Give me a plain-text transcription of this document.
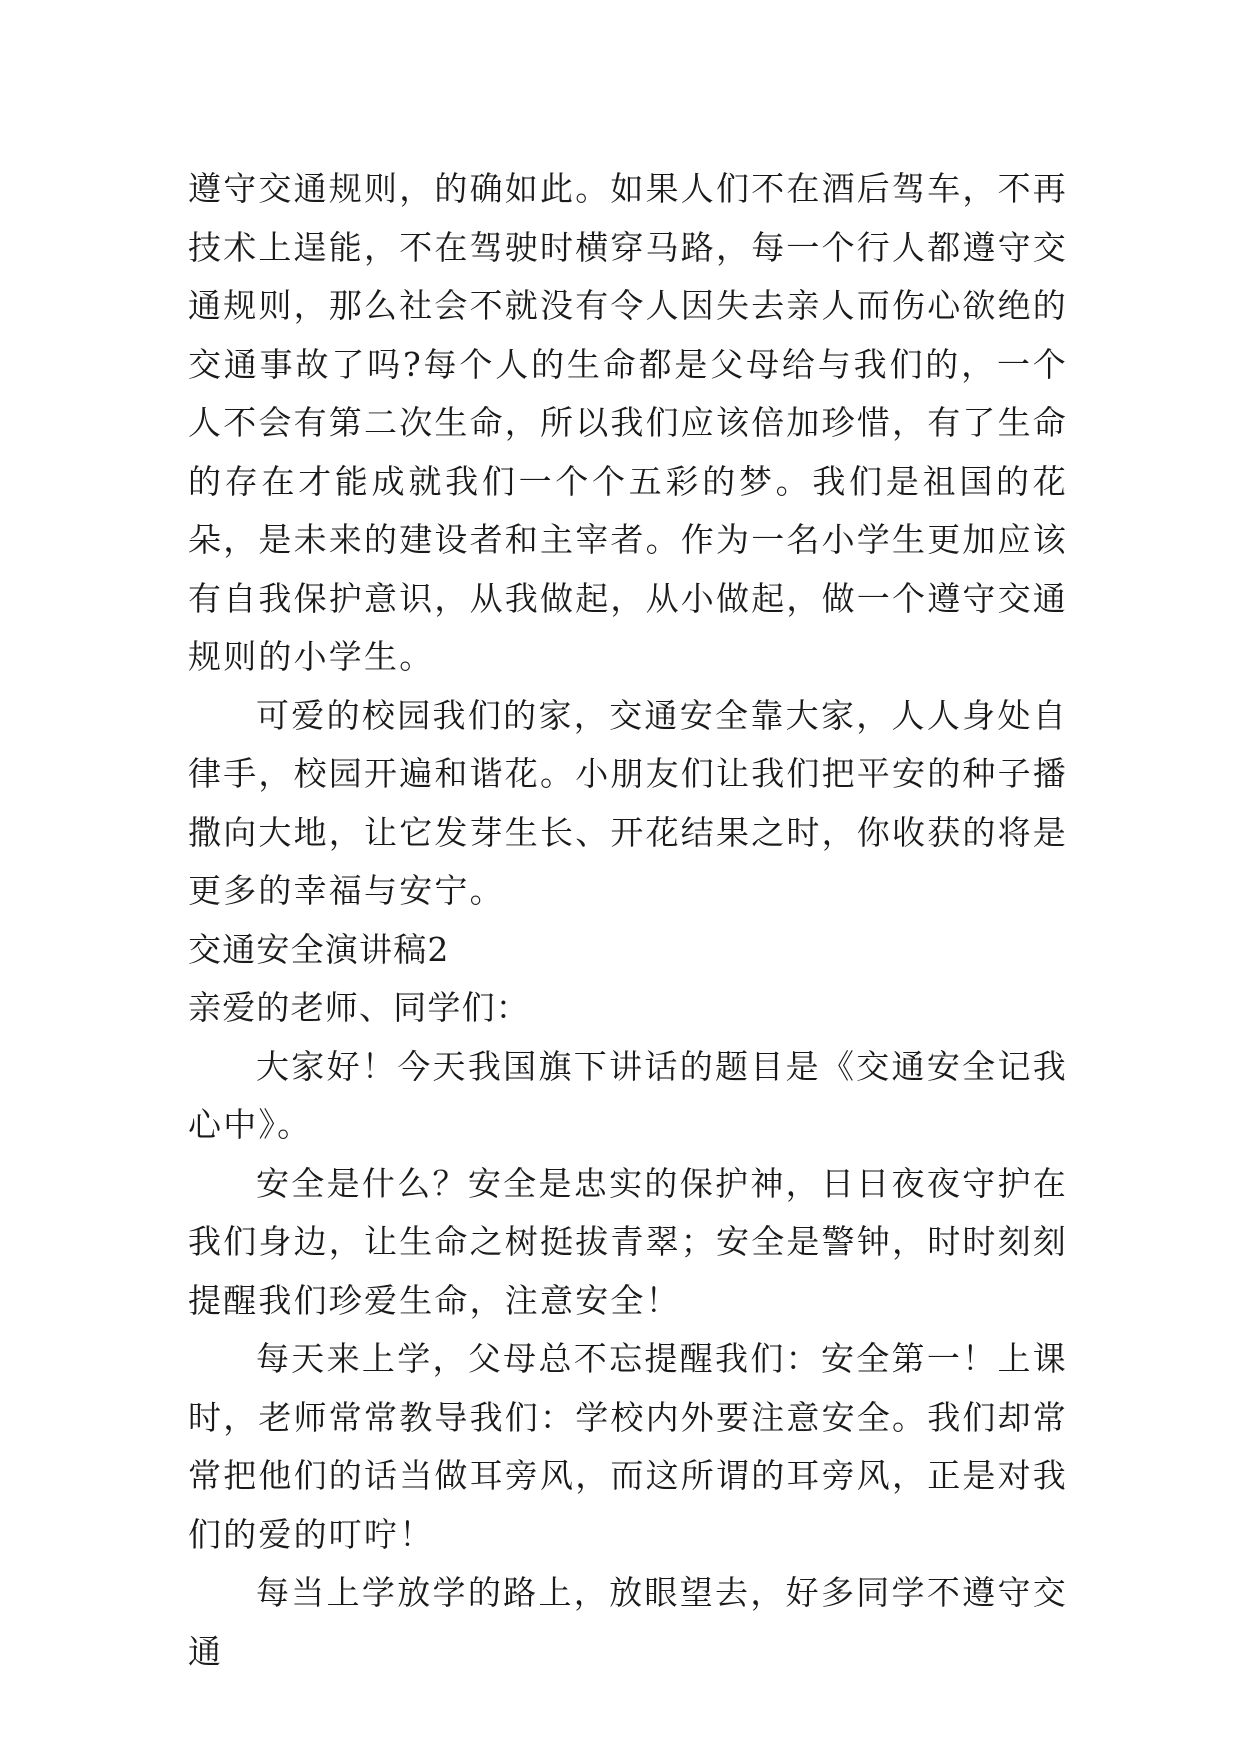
遵守交通规则，的确如此。如果人们不在酒后驾车，不再技术上逞能，不在驾驶时横穿马路，每一个行人都遵守交通规则，那么社会不就没有令人因失去亲人而伤心欲绝的交通事故了吗?每个人的生命都是父母给与我们的，一个人不会有第二次生命，所以我们应该倍加珍惜，有了生命的存在才能成就我们一个个五彩的梦。我们是祖国的花朵，是未来的建设者和主宰者。作为一名小学生更加应该有自我保护意识，从我做起，从小做起，做一个遵守交通规则的小学生。

可爱的校园我们的家，交通安全靠大家，人人身处自律手，校园开遍和谐花。小朋友们让我们把平安的种子播撒向大地，让它发芽生长、开花结果之时，你收获的将是更多的幸福与安宁。

交通安全演讲稿2

亲爱的老师、同学们：

大家好！今天我国旗下讲话的题目是《交通安全记我心中》。

安全是什么？安全是忠实的保护神，日日夜夜守护在我们身边，让生命之树挺拔青翠；安全是警钟，时时刻刻提醒我们珍爱生命，注意安全！

每天来上学，父母总不忘提醒我们：安全第一！上课时，老师常常教导我们：学校内外要注意安全。我们却常常把他们的话当做耳旁风，而这所谓的耳旁风，正是对我们的爱的叮咛！

每当上学放学的路上，放眼望去，好多同学不遵守交通
